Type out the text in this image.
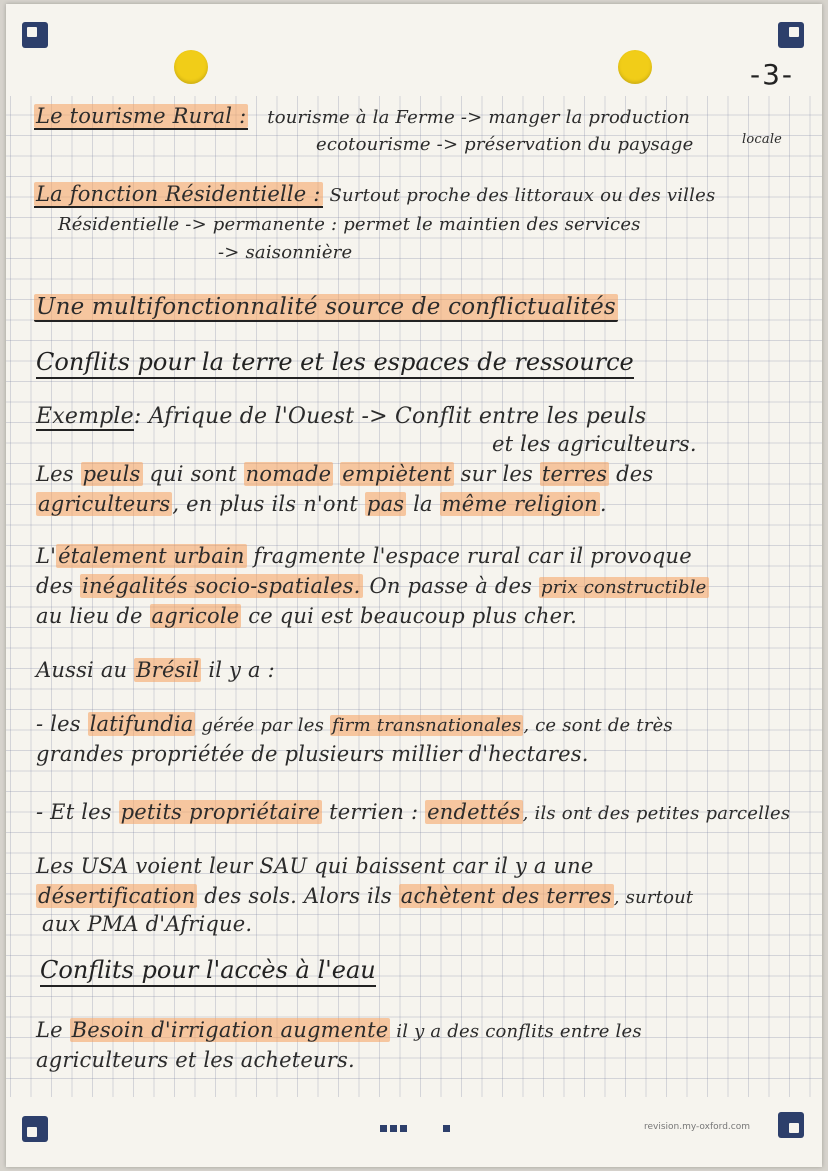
-3-
Le tourisme Rural : tourisme à la Ferme -> manger la production
locale
ecotourisme -> préservation du paysage
La fonction Résidentielle : Surtout proche des littoraux ou des villes
Résidentielle -> permanente : permet le maintien des services
-> saisonnière
Une multifonctionnalité source de conflictualités
Conflits pour la terre et les espaces de ressource
Exemple: Afrique de l'Ouest -> Conflit entre les peuls
et les agriculteurs.
Les peuls qui sont nomade empiètent sur les terres des
agriculteurs, en plus ils n'ont pas la même religion.
L'étalement urbain fragmente l'espace rural car il provoque
des inégalités socio-spatiales. On passe à des prix constructible
au lieu de agricole ce qui est beaucoup plus cher.
Aussi au Brésil il y a :
- les latifundia gérée par les firm transnationales , ce sont de très
grandes propriétée de plusieurs millier d'hectares.
- Et les petits propriétaire terrien : endettés , ils ont des petites parcelles
Les USA voient leur SAU qui baissent car il y a une
désertification des sols. Alors ils achètent des terres , surtout
aux PMA d'Afrique.
Conflits pour l'accès à l'eau
Le Besoin d'irrigation augmente il y a des conflits entre les
agriculteurs et les acheteurs.
revision.my-oxford.com
